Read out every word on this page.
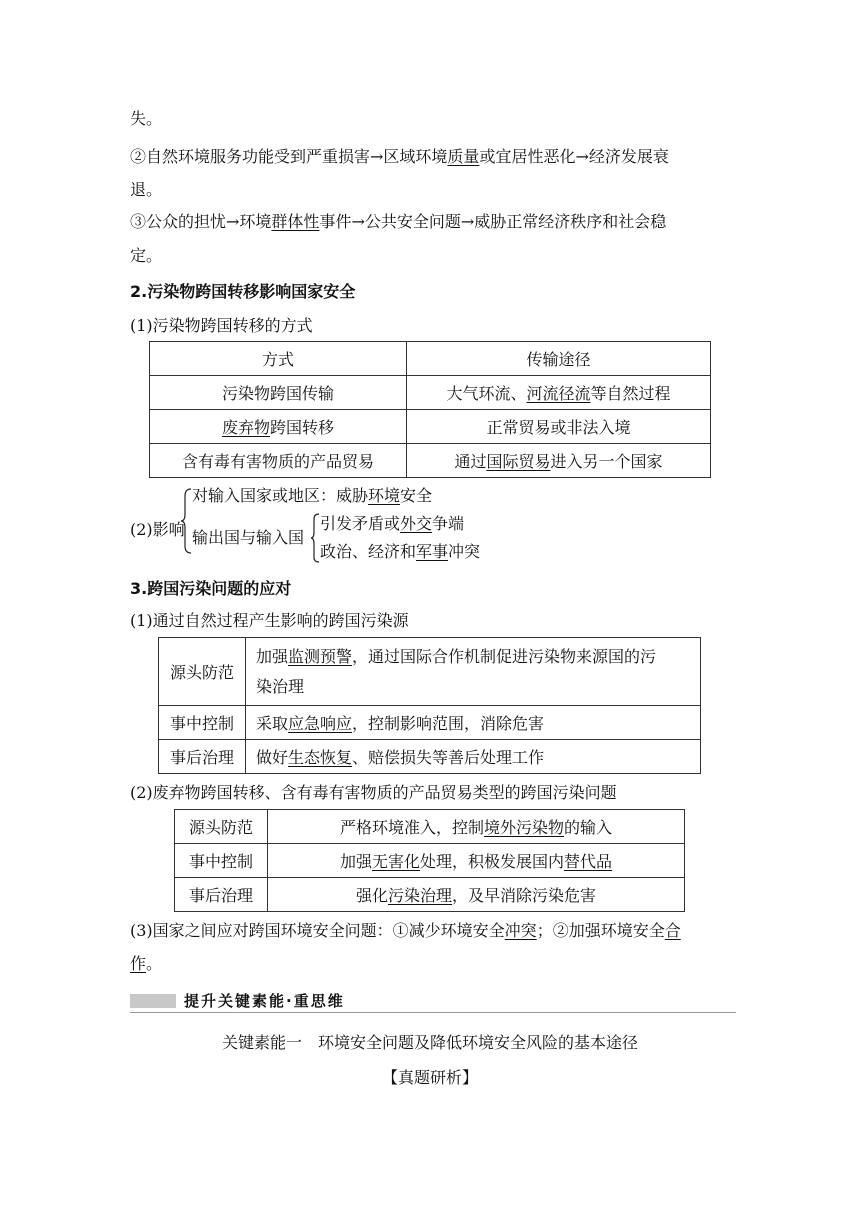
失。
②自然环境服务功能受到严重损害→区域环境质量或宜居性恶化→经济发展衰
退。
③公众的担忧→环境群体性事件→公共安全问题→威胁正常经济秩序和社会稳
定。
2.污染物跨国转移影响国家安全
(1)污染物跨国转移的方式
方式	传输途径
污染物跨国传输	大气环流、河流径流等自然过程
废弃物跨国转移	正常贸易或非法入境
含有毒有害物质的产品贸易	通过国际贸易进入另一个国家
(2)影响
对输入国家或地区：威胁环境安全
输出国与输入国
引发矛盾或外交争端
政治、经济和军事冲突
3.跨国污染问题的应对
(1)通过自然过程产生影响的跨国污染源
源头防范	加强监测预警，通过国际合作机制促进污染物来源国的污
染治理
事中控制	采取应急响应，控制影响范围，消除危害
事后治理	做好生态恢复、赔偿损失等善后处理工作
(2)废弃物跨国转移、含有毒有害物质的产品贸易类型的跨国污染问题
源头防范	严格环境准入，控制境外污染物的输入
事中控制	加强无害化处理，积极发展国内替代品
事后治理	强化污染治理，及早消除污染危害
(3)国家之间应对跨国环境安全问题：①减少环境安全冲突；②加强环境安全合
作。
提升关键素能·重思维
关键素能一　环境安全问题及降低环境安全风险的基本途径
【真题研析】
